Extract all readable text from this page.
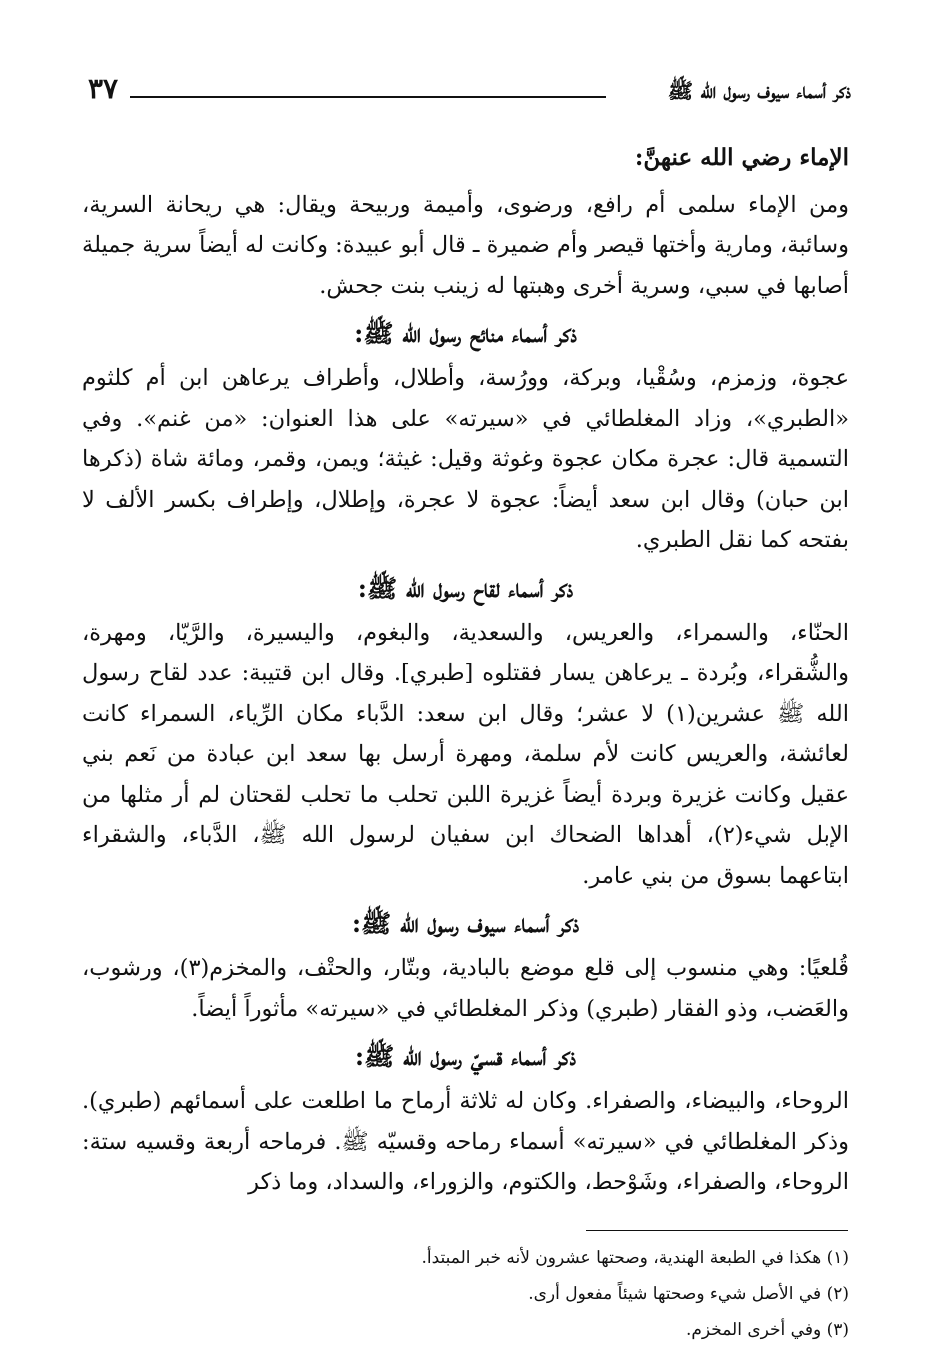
ذكر أسماء سيوف رسول الله ﷺ
٣٧
الإماء رضي الله عنهنَّ:

ومن الإماء سلمى أم رافع، ورضوى، وأميمة وربيحة ويقال: هي ريحانة السرية، وسائبة، ومارية وأختها قيصر وأم ضميرة ـ قال أبو عبيدة: وكانت له أيضاً سرية جميلة أصابها في سبي، وسرية أخرى وهبتها له زينب بنت جحش.

ذكر أسماء منائح رسول الله ﷺ:

عجوة، وزمزم، وسُقْيا، وبركة، وورُسة، وأطلال، وأطراف يرعاهن ابن أم كلثوم «الطبري»، وزاد المغلطائي في «سيرته» على هذا العنوان: «من غنم». وفي التسمية قال: عجرة مكان عجوة وغوثة وقيل: غيثة؛ ويمن، وقمر، ومائة شاة (ذكرها ابن حبان) وقال ابن سعد أيضاً: عجوة لا عجرة، وإطلال، وإطراف بكسر الألف لا بفتحه كما نقل الطبري.

ذكر أسماء لقاح رسول الله ﷺ:

الحنّاء، والسمراء، والعريس، والسعدية، والبغوم، واليسيرة، والرَّيّا، ومهرة، والشُّقراء، وبُردة ـ يرعاهن يسار فقتلوه [طبري]. وقال ابن قتيبة: عدد لقاح رسول الله ﷺ عشرين(١) لا عشر؛ وقال ابن سعد: الدَّباء مكان الرِّياء، السمراء كانت لعائشة، والعريس كانت لأم سلمة، ومهرة أرسل بها سعد ابن عبادة من نَعم بني عقيل وكانت غزيرة وبردة أيضاً غزيرة اللبن تحلب ما تحلب لقحتان لم أر مثلها من الإبل شيء(٢)، أهداها الضحاك ابن سفيان لرسول الله ﷺ، الدَّباء، والشقراء ابتاعهما بسوق من بني عامر.

ذكر أسماء سيوف رسول الله ﷺ:

قُلعيًا: وهي منسوب إلى قلع موضع بالبادية، وبتّار، والحتْف، والمخزم(٣)، ورشوب، والعَضب، وذو الفقار (طبري) وذكر المغلطائي في «سيرته» مأثوراً أيضاً.

ذكر أسماء قسيّ رسول الله ﷺ:

الروحاء، والبيضاء، والصفراء. وكان له ثلاثة أرماح ما اطلعت على أسمائهم (طبري). وذكر المغلطائي في «سيرته» أسماء رماحه وقسيّه ﷺ. فرماحه أربعة وقسيه ستة: الروحاء، والصفراء، وشَوْحط، والكتوم، والزوراء، والسداد، وما ذكر

(١) هكذا في الطبعة الهندية، وصحتها عشرون لأنه خبر المبتدأ.
(٢) في الأصل شيء وصحتها شيئاً مفعول أرى.
(٣) وفي أخرى المخزم.
